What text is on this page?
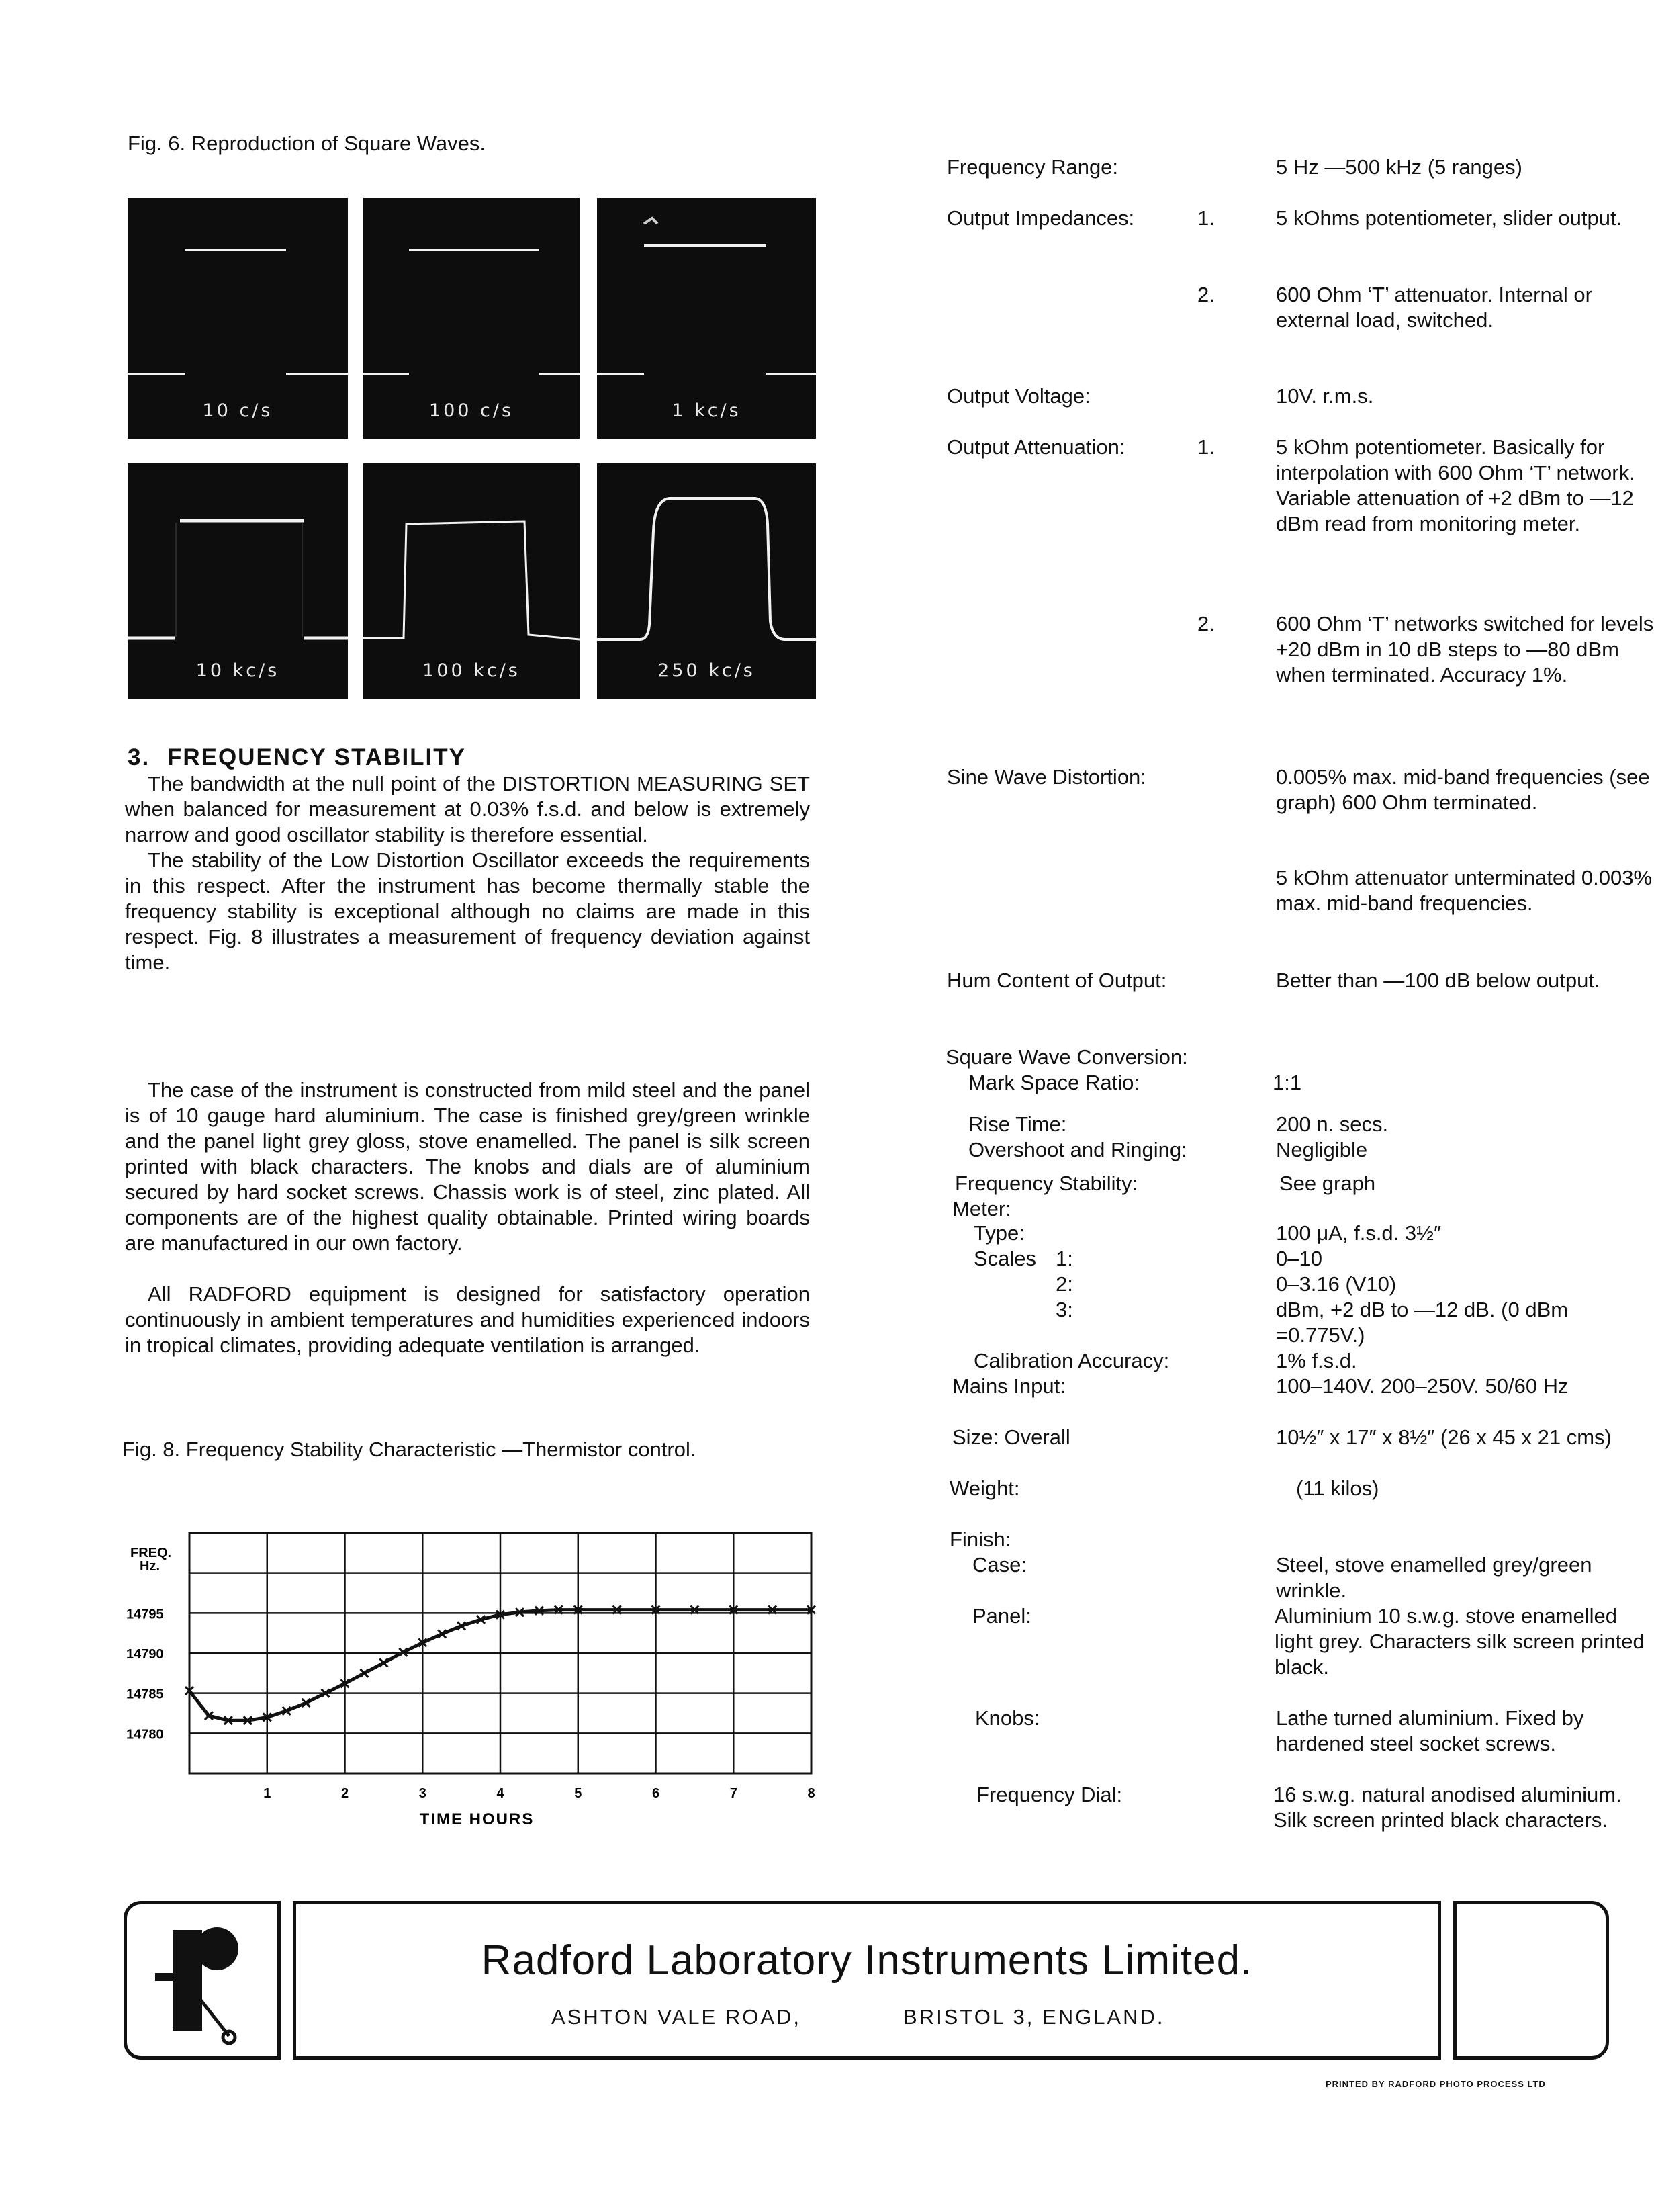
Fig. 6. Reproduction of Square Waves.
10 c/s	100 c/s	1 kc/s
10 kc/s	100 kc/s	250 kc/s
3. FREQUENCY STABILITY

The bandwidth at the null point of the DISTORTION MEASURING SET when balanced for measurement at 0.03% f.s.d. and below is extremely narrow and good oscillator stability is therefore essential.

The stability of the Low Distortion Oscillator exceeds the requirements in this respect. After the instrument has become thermally stable the frequency stability is exceptional although no claims are made in this respect. Fig. 8 illustrates a measurement of frequency deviation against time.

The case of the instrument is constructed from mild steel and the panel is of 10 gauge hard aluminium. The case is finished grey/green wrinkle and the panel light grey gloss, stove enamelled. The panel is silk screen printed with black characters. The knobs and dials are of aluminium secured by hard socket screws. Chassis work is of steel, zinc plated. All components are of the highest quality obtainable. Printed wiring boards are manufactured in our own factory.

All RADFORD equipment is designed for satisfactory operation continuously in ambient temperatures and humidities experienced indoors in tropical climates, providing adequate ventilation is arranged.

Fig. 8. Frequency Stability Characteristic —Thermistor control.
FREQ. Hz.
1	2	3	4	5	6	7	8
14795
14790
14785
14780
TIME HOURS
Frequency Range:	5 Hz —500 kHz (5 ranges)
Output Impedances:	1.	5 kOhms potentiometer, slider output.
2.	600 Ohm ‘T’ attenuator. Internal or external load, switched.
Output Voltage:	10V. r.m.s.
Output Attenuation:	1.	5 kOhm potentiometer. Basically for interpolation with 600 Ohm ‘T’ network. Variable attenuation of +2 dBm to —12 dBm read from monitoring meter.
2.	600 Ohm ‘T’ networks switched for levels +20 dBm in 10 dB steps to —80 dBm when terminated. Accuracy 1%.
Sine Wave Distortion:	0.005% max. mid-band frequencies (see graph) 600 Ohm terminated.
5 kOhm attenuator unterminated 0.003% max. mid-band frequencies.
Hum Content of Output:	Better than —100 dB below output.
Square Wave Conversion:
Mark Space Ratio:	1:1
Rise Time:	200 n. secs.
Overshoot and Ringing:	Negligible
Frequency Stability:	See graph
Meter:
Type:	100 μA, f.s.d. 3½″
Scales 1:	0–10
2:	0–3.16 (V10)
3:	dBm, +2 dB to —12 dB. (0 dBm =0.775V.)
Calibration Accuracy:	1% f.s.d.
Mains Input:	100–140V. 200–250V. 50/60 Hz
Size: Overall	10½″ x 17″ x 8½″ (26 x 45 x 21 cms)
Weight:	(11 kilos)
Finish:
Case:	Steel, stove enamelled grey/green wrinkle.
Panel:	Aluminium 10 s.w.g. stove enamelled light grey. Characters silk screen printed black.
Knobs:	Lathe turned aluminium. Fixed by hardened steel socket screws.
Frequency Dial:	16 s.w.g. natural anodised aluminium. Silk screen printed black characters.
Radford Laboratory Instruments Limited.
ASHTON VALE ROAD,	BRISTOL 3, ENGLAND.
PRINTED BY RADFORD PHOTO PROCESS LTD
